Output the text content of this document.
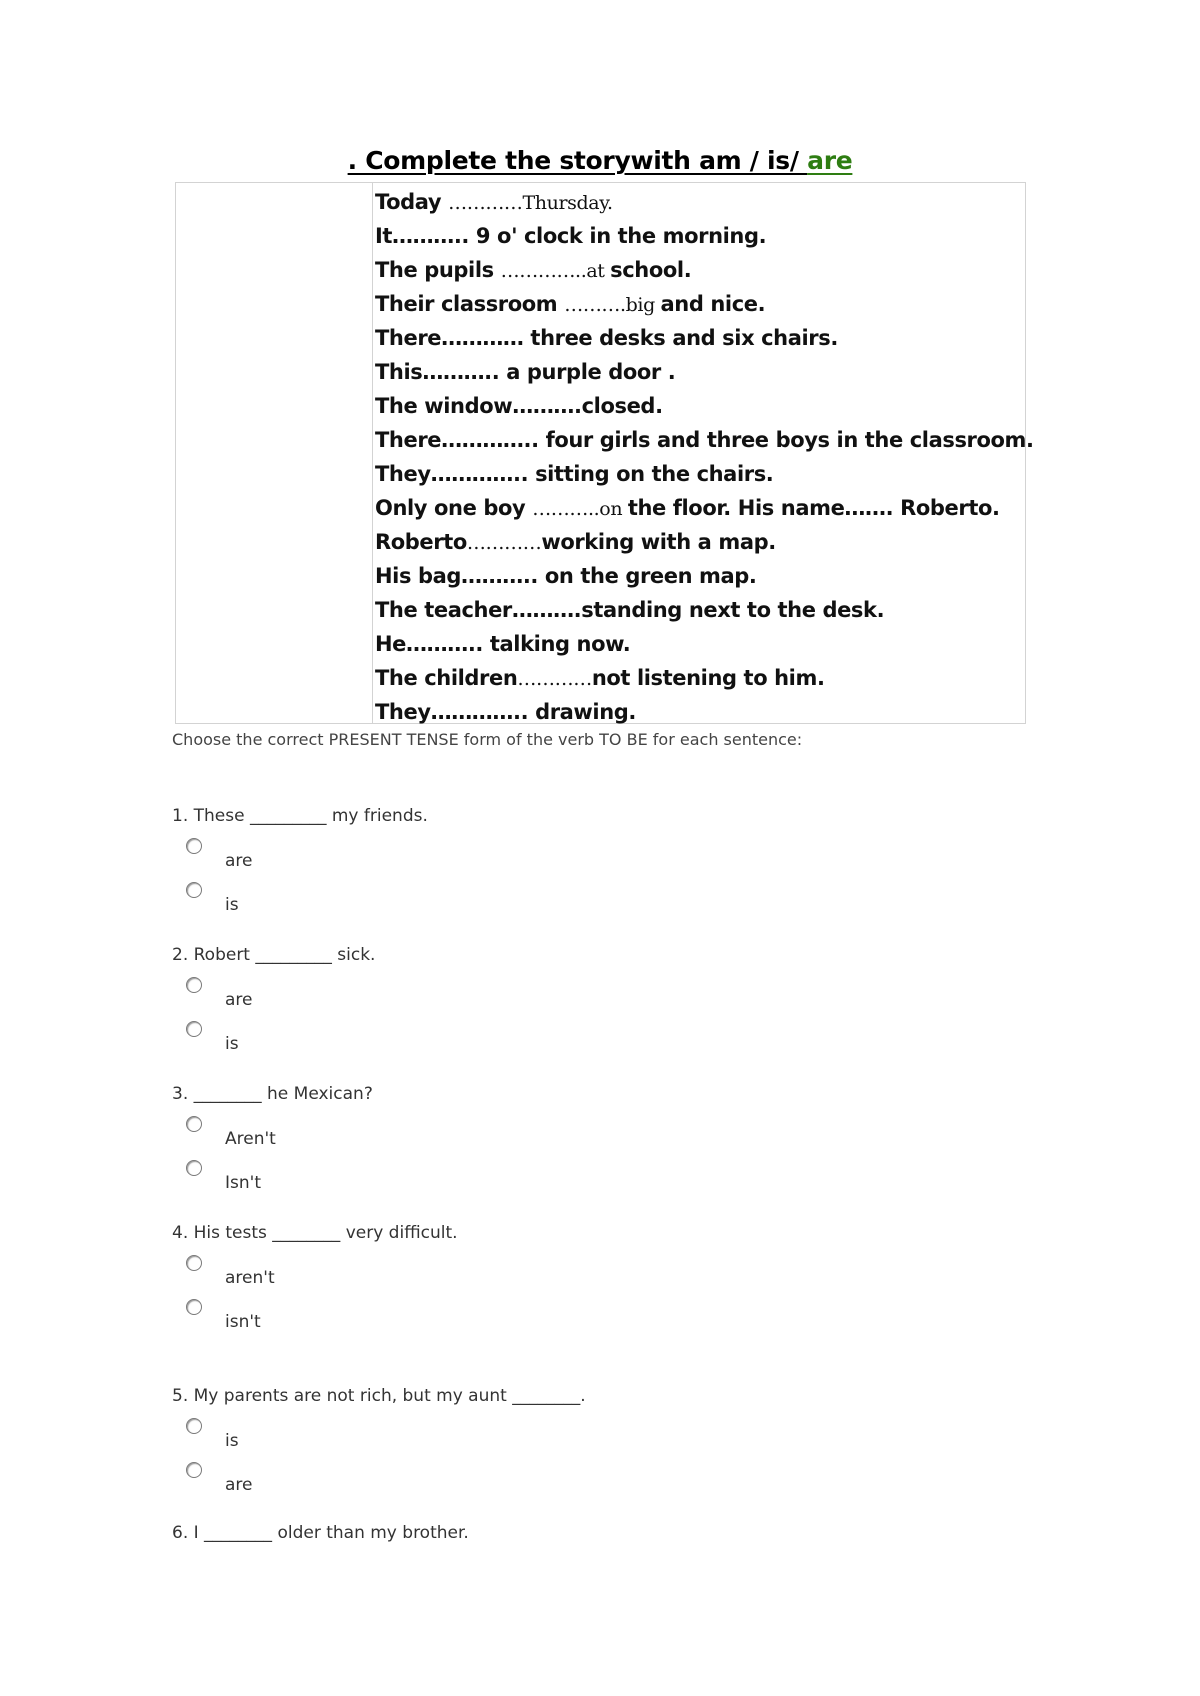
. Complete the storywith am / is/ are
Today …………Thursday.
It……….. 9 o' clock in the morning.
The pupils …………..at school.
Their classroom ……….big and nice.
There………… three desks and six chairs.
This……….. a purple door .
The window……….closed.
There………….. four girls and three boys in the classroom.
They………….. sitting on the chairs.
Only one boy ………..on the floor. His name……. Roberto.
Roberto…………working with a map.
His bag……….. on the green map.
The teacher……….standing next to the desk.
He……….. talking now.
The children…………not listening to him.
They………….. drawing.
Choose the correct PRESENT TENSE form of the verb TO BE for each sentence:
1. These _________ my friends.
are
is
2. Robert _________ sick.
are
is
3. ________ he Mexican?
Aren't
Isn't
4. His tests ________ very difficult.
aren't
isn't
5. My parents are not rich, but my aunt ________.
is
are
6. I ________ older than my brother.
